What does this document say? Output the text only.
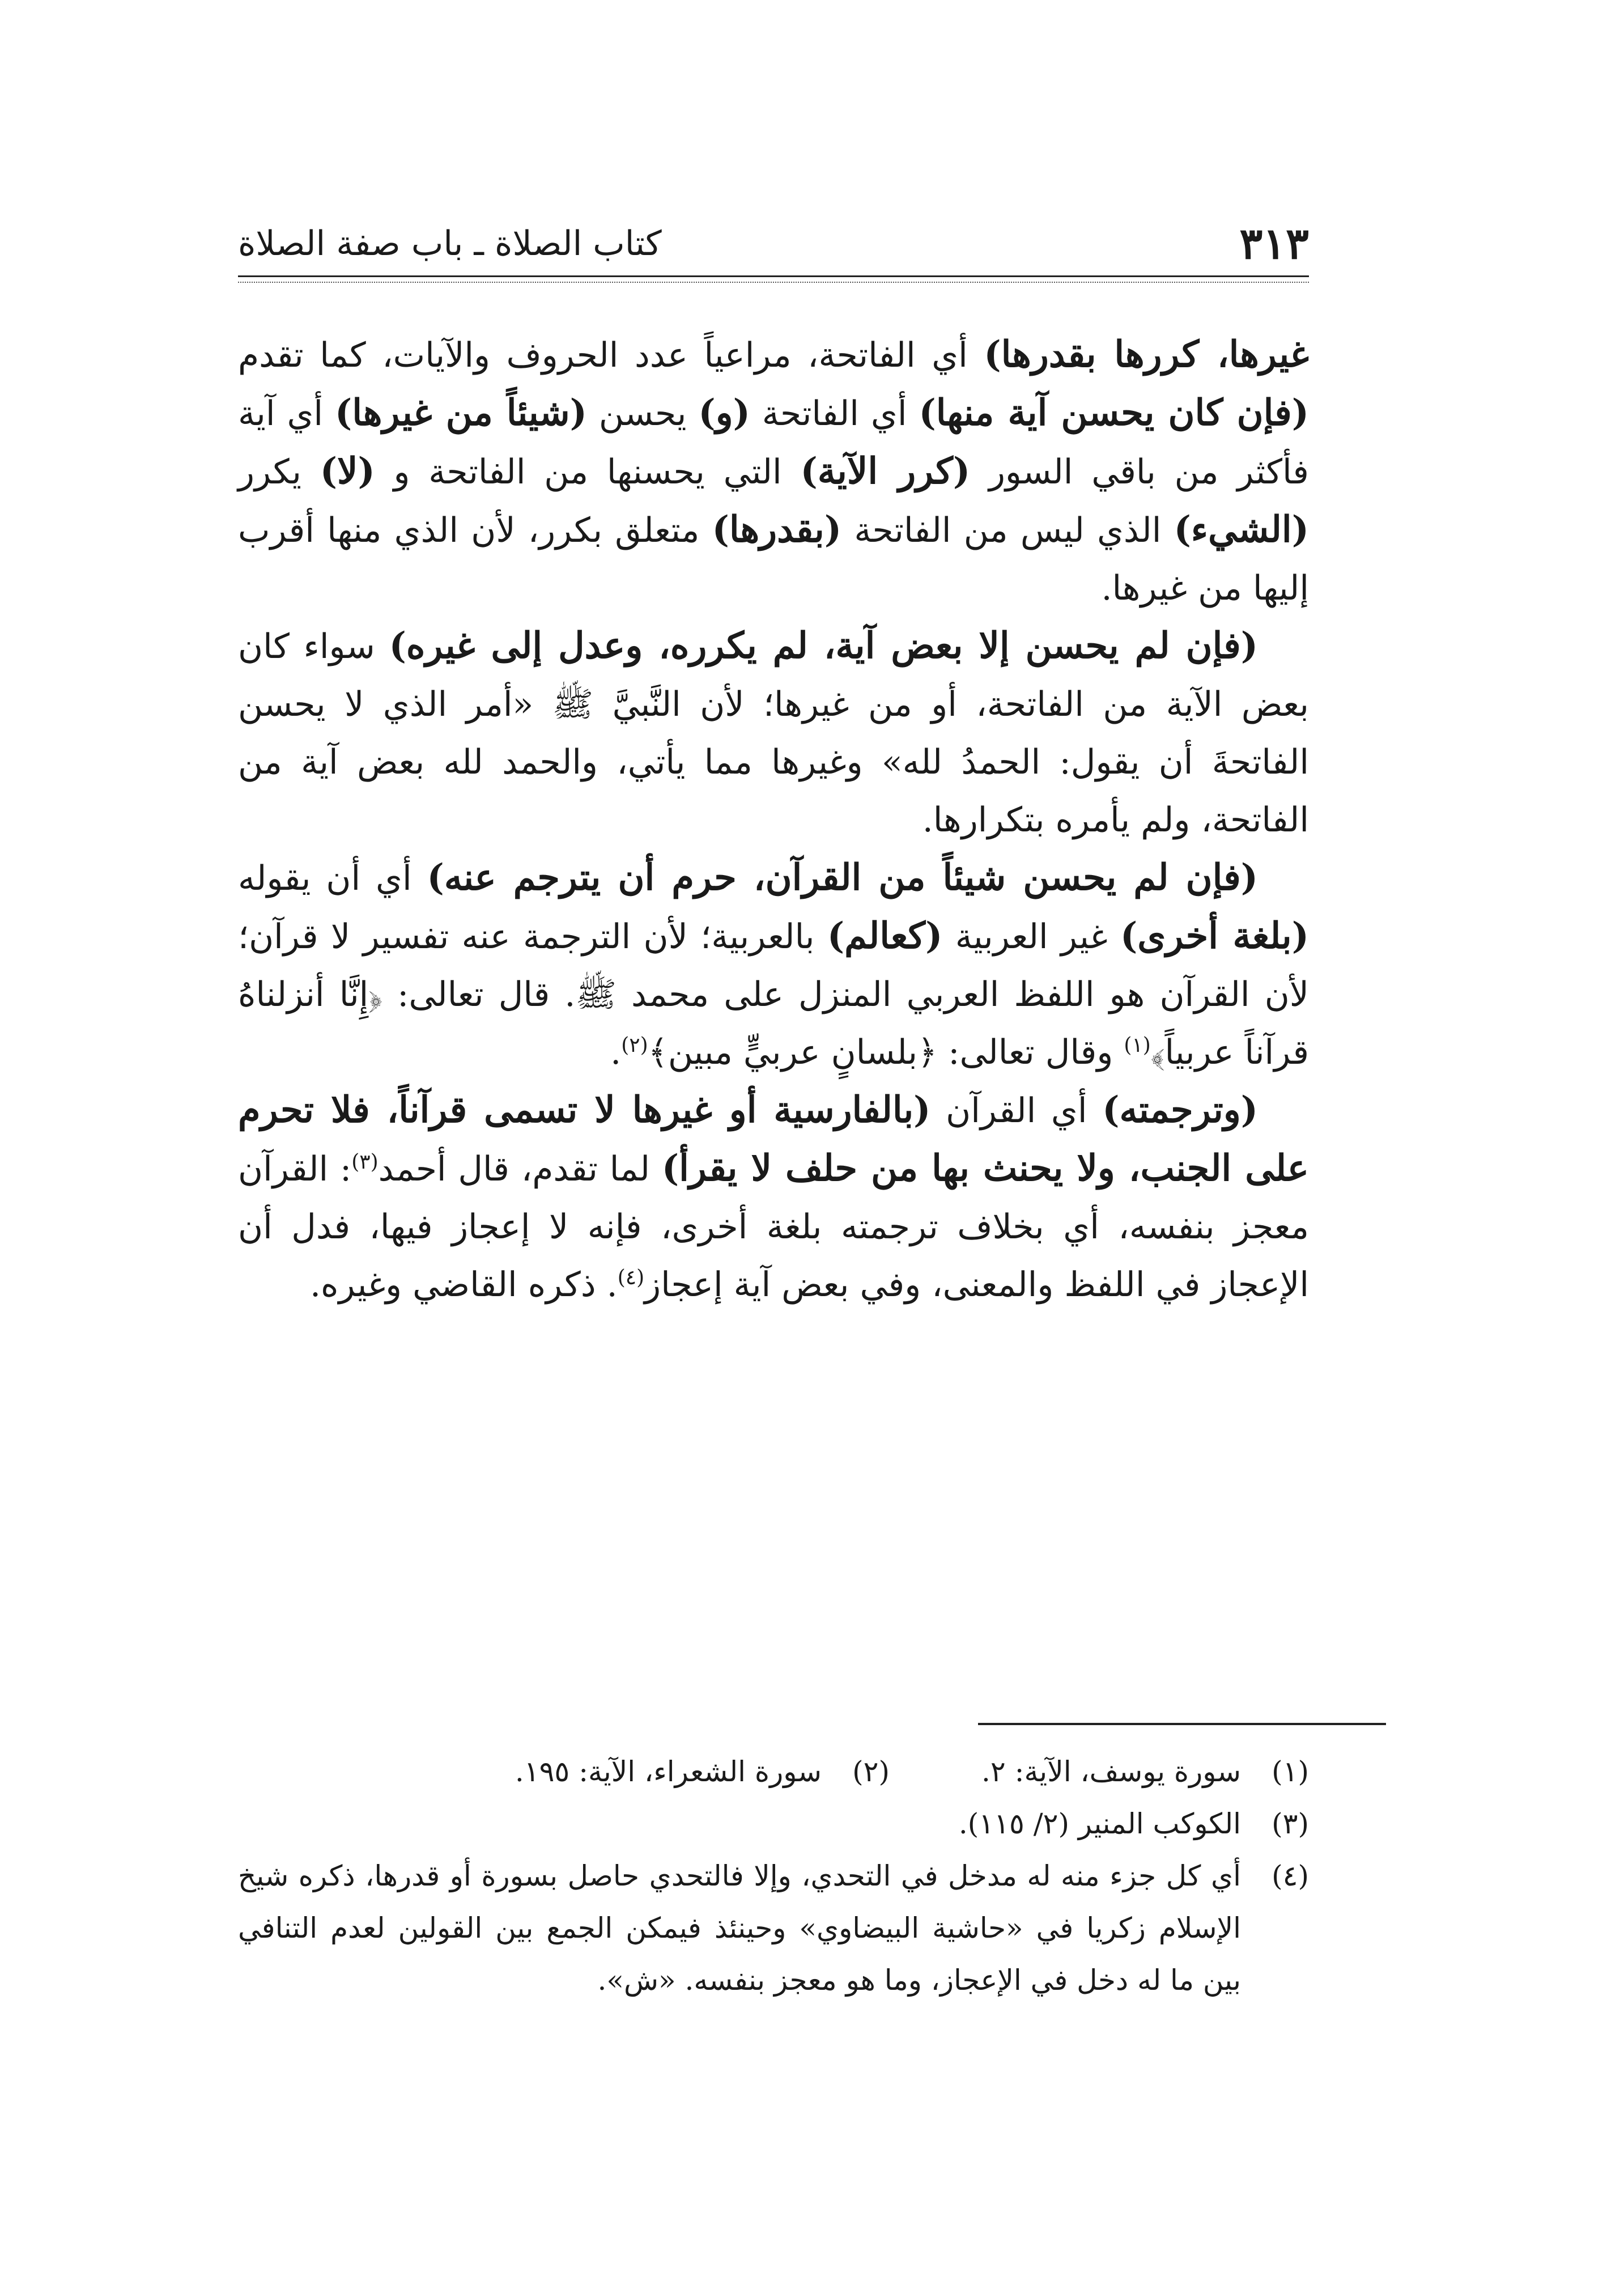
٣١٣
كتاب الصلاة ـ باب صفة الصلاة

غيرها، كررها بقدرها) أي الفاتحة، مراعياً عدد الحروف والآيات، كما تقدم (فإن كان يحسن آية منها) أي الفاتحة (و) يحسن (شيئاً من غيرها) أي آية فأكثر من باقي السور (كرر الآية) التي يحسنها من الفاتحة و (لا) يكرر (الشيء) الذي ليس من الفاتحة (بقدرها) متعلق بكرر، لأن الذي منها أقرب إليها من غيرها.

(فإن لم يحسن إلا بعض آية، لم يكرره، وعدل إلى غيره) سواء كان بعض الآية من الفاتحة، أو من غيرها؛ لأن النَّبيَّ ﷺ «أمر الذي لا يحسن الفاتحةَ أن يقول: الحمدُ لله» وغيرها مما يأتي، والحمد لله بعض آية من الفاتحة، ولم يأمره بتكرارها.

(فإن لم يحسن شيئاً من القرآن، حرم أن يترجم عنه) أي أن يقوله (بلغة أخرى) غير العربية (كعالم) بالعربية؛ لأن الترجمة عنه تفسير لا قرآن؛ لأن القرآن هو اللفظ العربي المنزل على محمد ﷺ. قال تعالى: ﴿إِنَّا أنزلناهُ قرآناً عربياً﴾$^{(١)}$ وقال تعالى: ﴿بلسانٍ عربيٍّ مبين﴾$^{(٢)}$.

(وترجمته) أي القرآن (بالفارسية أو غيرها لا تسمى قرآناً، فلا تحرم على الجنب، ولا يحنث بها من حلف لا يقرأ) لما تقدم، قال أحمد$^{(٣)}$: القرآن معجز بنفسه، أي بخلاف ترجمته بلغة أخرى، فإنه لا إعجاز فيها، فدل أن الإعجاز في اللفظ والمعنى، وفي بعض آية إعجاز$^{(٤)}$. ذكره القاضي وغيره.

(١)
سورة يوسف، الآية: ٢.
(٢)
سورة الشعراء، الآية: ١٩٥.
(٣)
الكوكب المنير (٢/ ١١٥).
(٤)
أي كل جزء منه له مدخل في التحدي، وإلا فالتحدي حاصل بسورة أو قدرها، ذكره شيخ الإسلام زكريا في «حاشية البيضاوي» وحينئذ فيمكن الجمع بين القولين لعدم التنافي بين ما له دخل في الإعجاز، وما هو معجز بنفسه. «ش».
